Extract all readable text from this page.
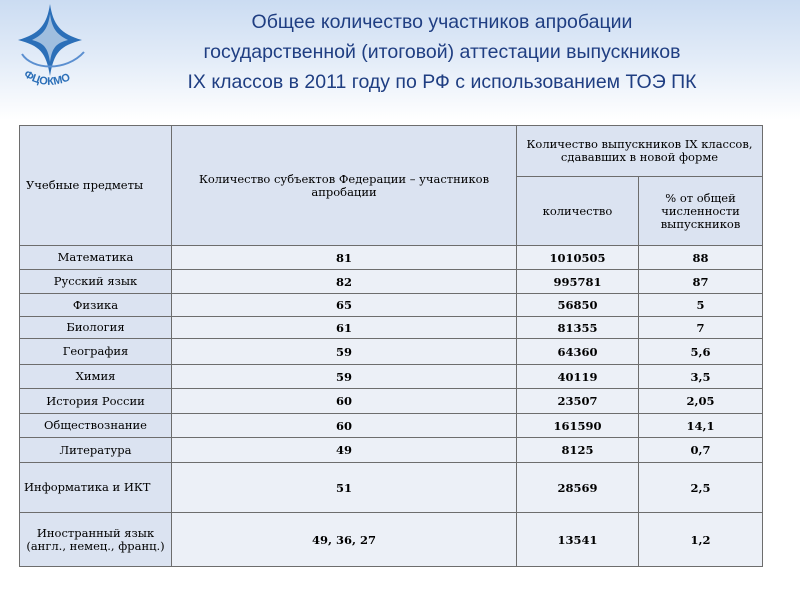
ФЦОКМО
Общее количество участников апробации
государственной (итоговой) аттестации выпускников
IX классов в 2011 году по РФ с использованием ТОЭ ПК
Учебные предметы	Количество субъектов Федерации – участников апробации	Количество выпускников IX классов, сдававших в новой форме	
		количество	% от общей численности выпускников
Математика	81	1010505	88
Русский язык	82	995781	87
Физика	65	56850	5
Биология	61	81355	7
География	59	64360	5,6
Химия	59	40119	3,5
История России	60	23507	2,05
Обществознание	60	161590	14,1
Литература	49	8125	0,7
Информатика и ИКТ	51	28569	2,5
Иностранный язык (англ., немец., франц.)	49, 36, 27	13541	1,2
